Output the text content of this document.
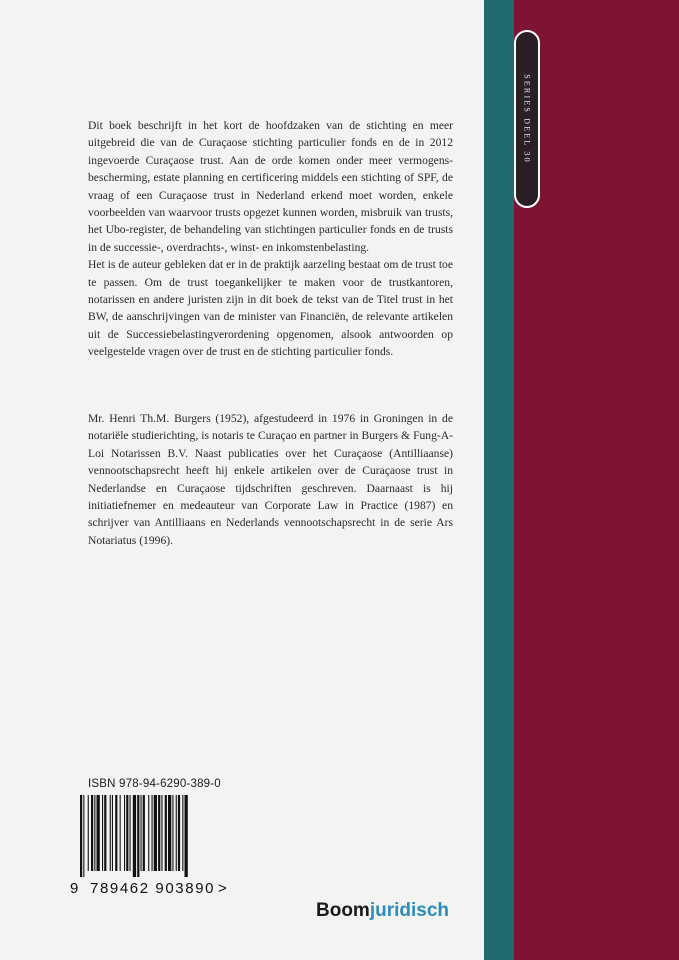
SERIES DEEL 30

Dit boek beschrijft in het kort de hoofdzaken van de stichting en meer uitgebreid die van de Curaçaose stichting particulier fonds en de in 2012 ingevoerde Curaçaose trust. Aan de orde komen onder meer vermogens-bescherming, estate planning en certificering middels een stichting of SPF, de vraag of een Curaçaose trust in Nederland erkend moet worden, enkele voorbeelden van waarvoor trusts opgezet kunnen worden, misbruik van trusts, het Ubo-register, de behandeling van stichtingen particulier fonds en de trusts in de successie-, overdrachts-, winst- en inkomstenbelasting.

Het is de auteur gebleken dat er in de praktijk aarzeling bestaat om de trust toe te passen. Om de trust toegankelijker te maken voor de trustkantoren, notarissen en andere juristen zijn in dit boek de tekst van de Titel trust in het BW, de aanschrijvingen van de minister van Financiën, de relevante artikelen uit de Successiebelastingverordening opgenomen, alsook antwoorden op veelgestelde vragen over de trust en de stichting particulier fonds.

Mr. Henri Th.M. Burgers (1952), afgestudeerd in 1976 in Groningen in de notariële studierichting, is notaris te Curaçao en partner in Burgers & Fung-A-Loi Notarissen B.V. Naast publicaties over het Curaçaose (Antilliaanse) vennootschapsrecht heeft hij enkele artikelen over de Curaçaose trust in Nederlandse en Curaçaose tijdschriften geschreven. Daarnaast is hij initiatiefnemer en medeauteur van Corporate Law in Practice (1987) en schrijver van Antilliaans en Nederlands vennootschapsrecht in de serie Ars Notariatus (1996).

ISBN 978-94-6290-389-0
9 789462 903890 >
Boomjuridisch
